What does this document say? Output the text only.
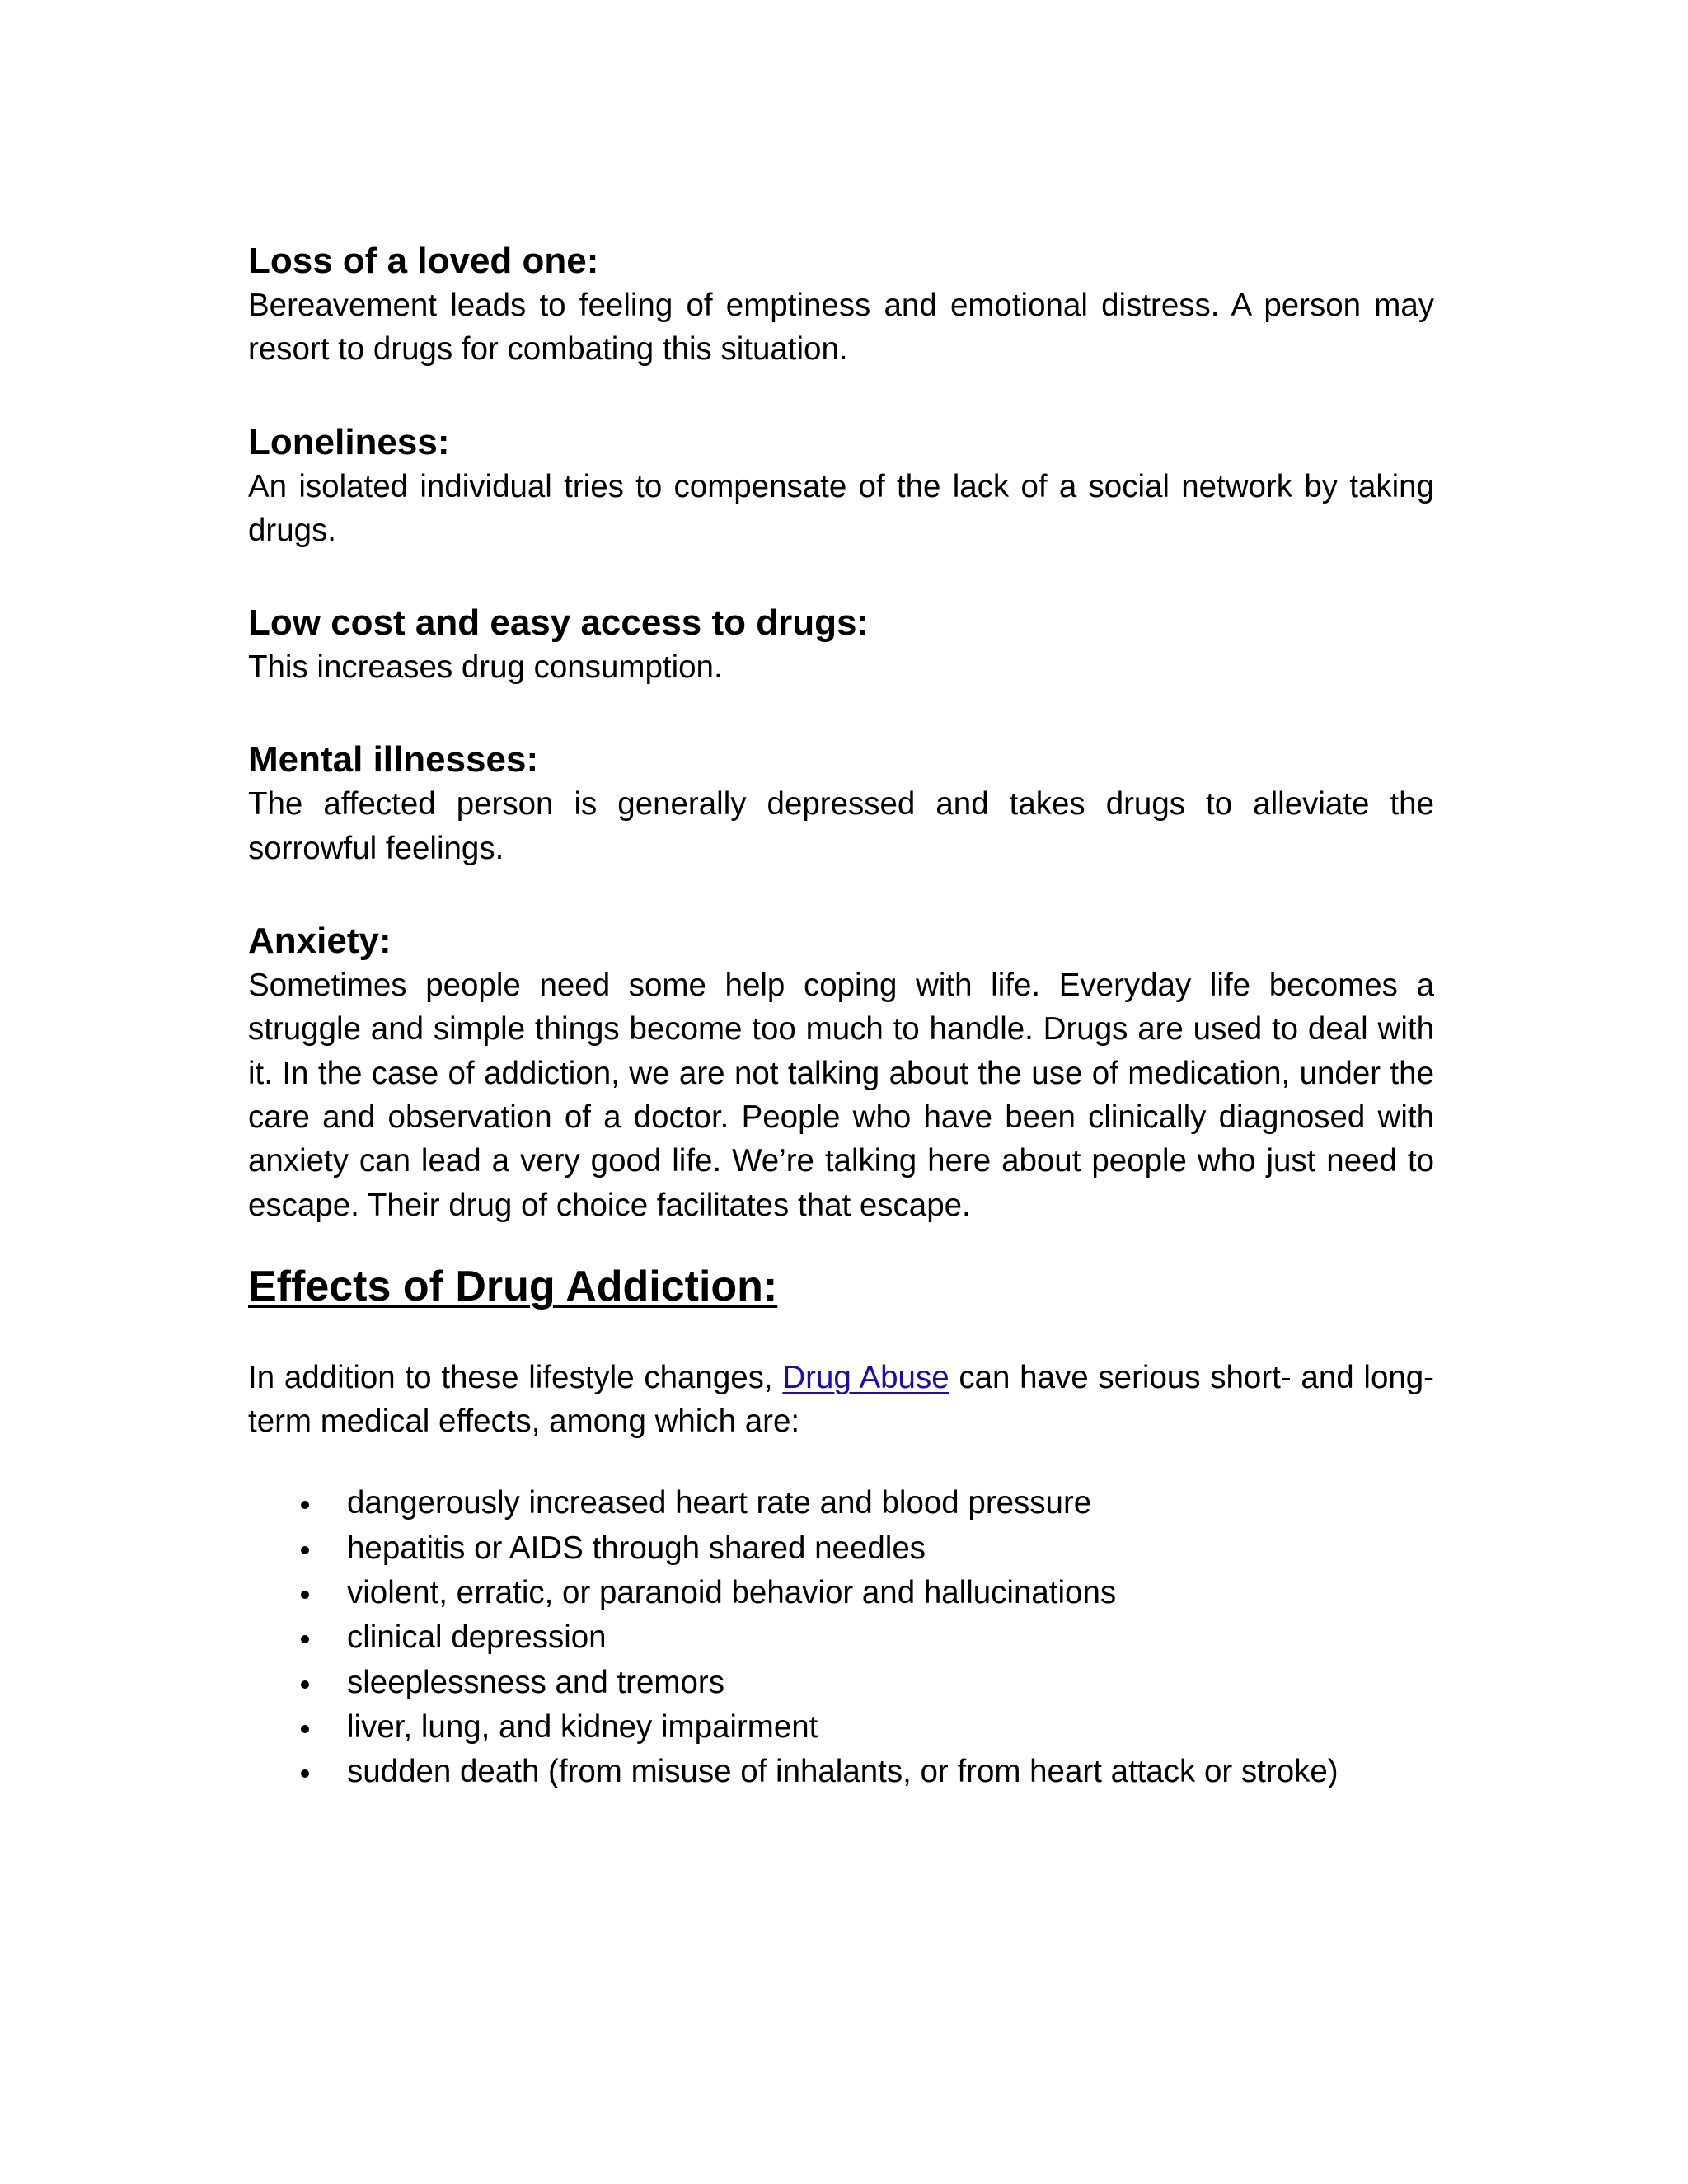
Loss of a loved one:

Bereavement leads to feeling of emptiness and emotional distress. A person may resort to drugs for combating this situation.

Loneliness:

An isolated individual tries to compensate of the lack of a social network by taking drugs.

Low cost and easy access to drugs:

This increases drug consumption.

Mental illnesses:

The affected person is generally depressed and takes drugs to alleviate the sorrowful feelings.

Anxiety:

Sometimes people need some help coping with life. Everyday life becomes a struggle and simple things become too much to handle. Drugs are used to deal with it. In the case of addiction, we are not talking about the use of medication, under the care and observation of a doctor. People who have been clinically diagnosed with anxiety can lead a very good life. We’re talking here about people who just need to escape. Their drug of choice facilitates that escape.

Effects of Drug Addiction:

In addition to these lifestyle changes, Drug Abuse can have serious short- and long-term medical effects, among which are:

dangerously increased heart rate and blood pressure
hepatitis or AIDS through shared needles
violent, erratic, or paranoid behavior and hallucinations
clinical depression
sleeplessness and tremors
liver, lung, and kidney impairment
sudden death (from misuse of inhalants, or from heart attack or stroke)
